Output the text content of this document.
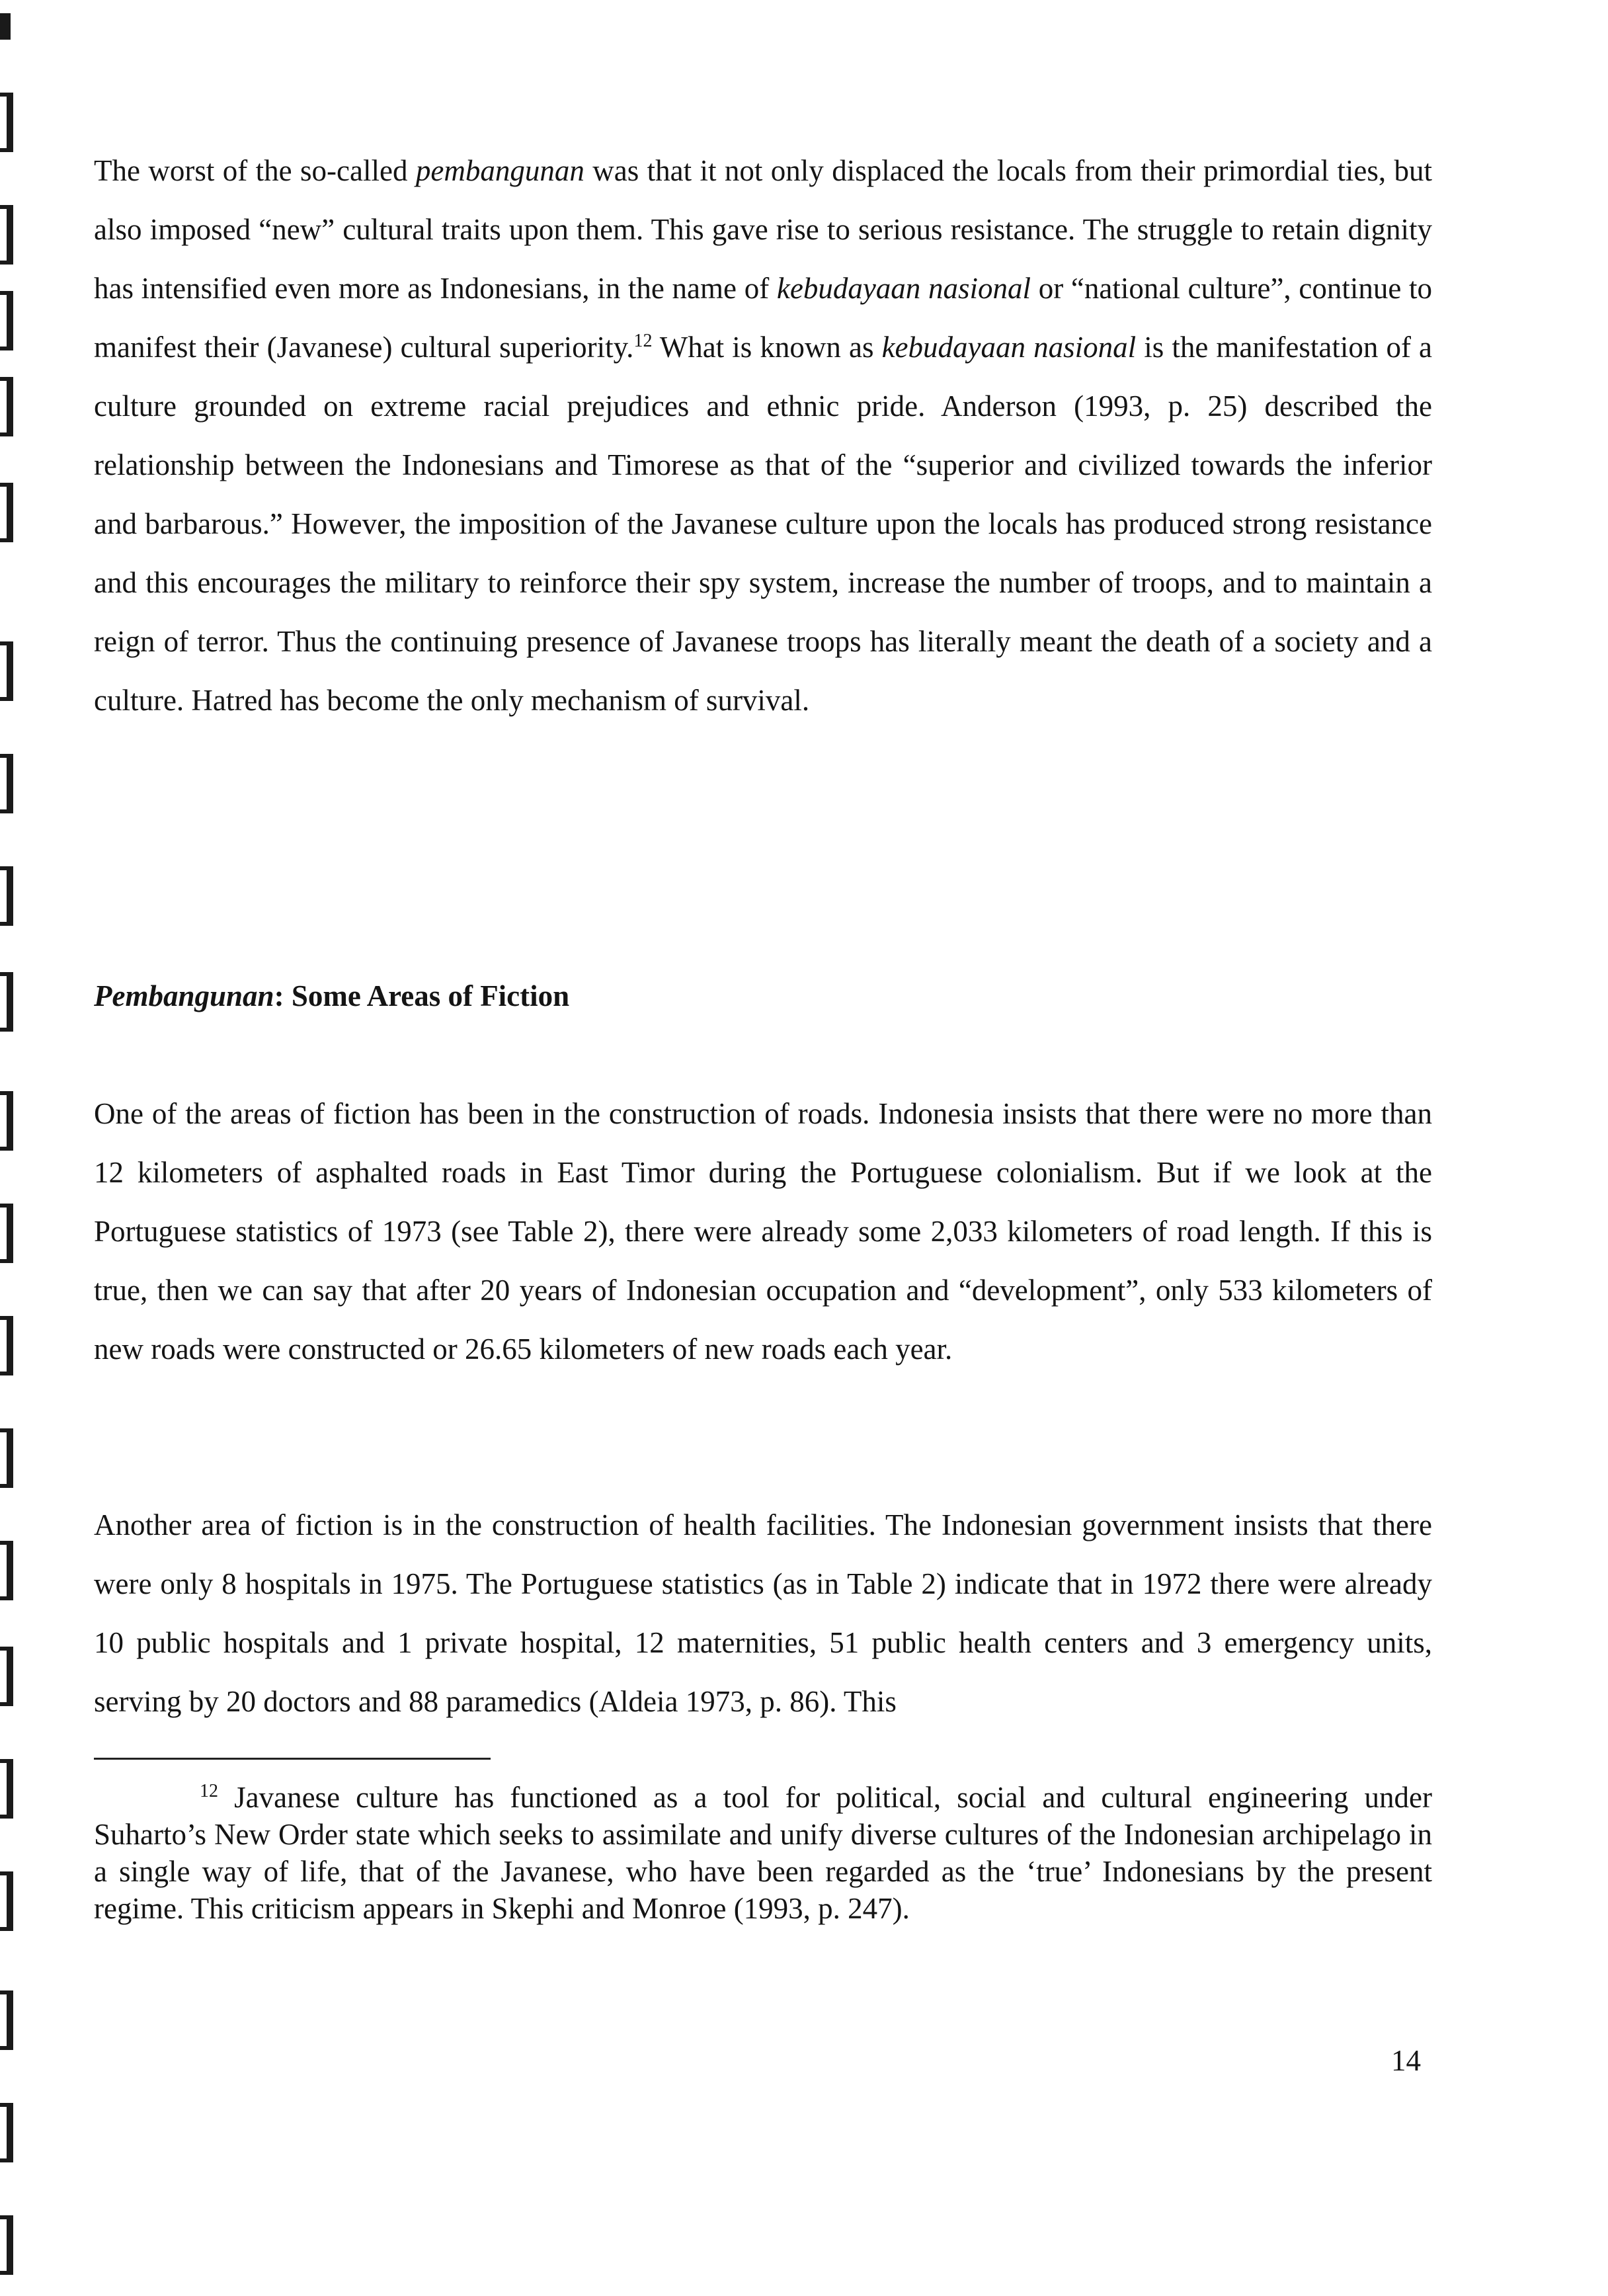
The worst of the so-called pembangunan was that it not only displaced the locals from their primordial ties, but also imposed “new” cultural traits upon them. This gave rise to serious resistance. The struggle to retain dignity has intensified even more as Indonesians, in the name of kebudayaan nasional or “national culture”, continue to manifest their (Javanese) cultural superiority.$^{12}$ What is known as kebudayaan nasional is the manifestation of a culture grounded on extreme racial prejudices and ethnic pride. Anderson (1993, p. 25) described the relationship between the Indonesians and Timorese as that of the “superior and civilized towards the inferior and barbarous.” However, the imposition of the Javanese culture upon the locals has produced strong resistance and this encourages the military to reinforce their spy system, increase the number of troops, and to maintain a reign of terror. Thus the continuing presence of Javanese troops has literally meant the death of a society and a culture. Hatred has become the only mechanism of survival.

Pembangunan: Some Areas of Fiction

One of the areas of fiction has been in the construction of roads. Indonesia insists that there were no more than 12 kilometers of asphalted roads in East Timor during the Portuguese colonialism. But if we look at the Portuguese statistics of 1973 (see Table 2), there were already some 2,033 kilometers of road length. If this is true, then we can say that after 20 years of Indonesian occupation and “development”, only 533 kilometers of new roads were constructed or 26.65 kilometers of new roads each year.

Another area of fiction is in the construction of health facilities. The Indonesian government insists that there were only 8 hospitals in 1975. The Portuguese statistics (as in Table 2) indicate that in 1972 there were already 10 public hospitals and 1 private hospital, 12 maternities, 51 public health centers and 3 emergency units, serving by 20 doctors and 88 paramedics (Aldeia 1973, p. 86). This

$^{12}$ Javanese culture has functioned as a tool for political, social and cultural engineering under Suharto’s New Order state which seeks to assimilate and unify diverse cultures of the Indonesian archipelago in a single way of life, that of the Javanese, who have been regarded as the ‘true’ Indonesians by the present regime. This criticism appears in Skephi and Monroe (1993, p. 247).

14
